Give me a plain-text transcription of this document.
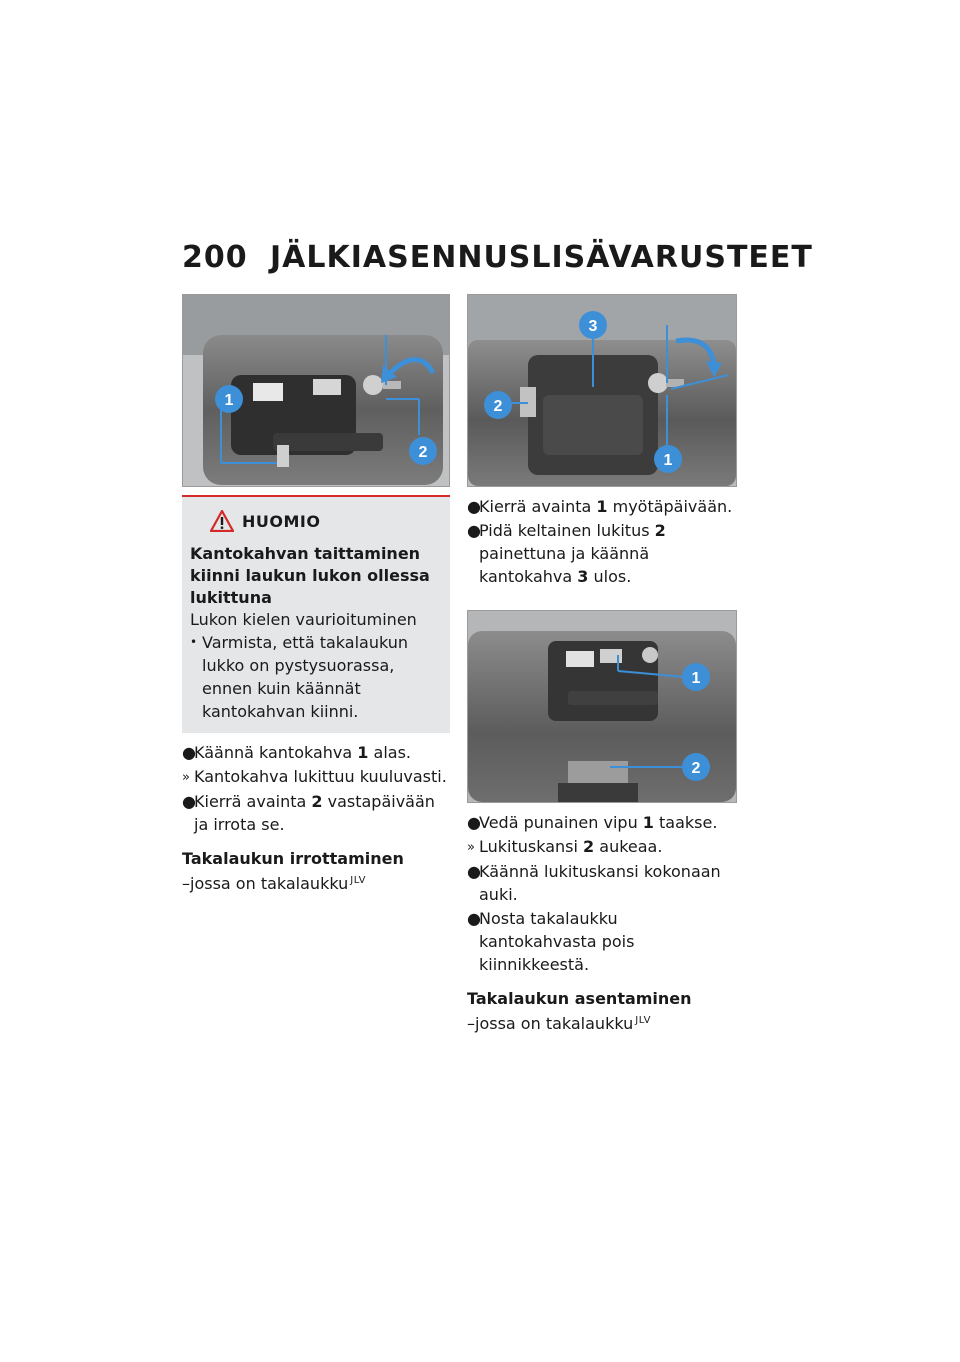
200 JÄLKIASENNUSLISÄVARUSTEET
1
2
HUOMIO
Kantokahvan taittaminen kiinni laukun lukon ollessa lukittuna
Lukon kielen vaurioituminen
• Varmista, että takalaukun lukko on pystysuorassa, ennen kuin käännät kantokahvan kiinni.
●
Käännä kantokahva 1 alas.
» Kantokahva lukittuu kuuluvasti.
●
Kierrä avainta 2 vastapäivään ja irrota se.
Takalaukun irrottaminen
–jossa on takalaukku $^{JLV}$
3
2
1
●
Kierrä avainta 1 myötäpäivään.
●
Pidä keltainen lukitus 2 painettuna ja käännä kantokahva 3 ulos.
1
2
●
Vedä punainen vipu 1 taakse.
» Lukituskansi 2 aukeaa.
●
Käännä lukituskansi kokonaan auki.
●
Nosta takalaukku kantokahvasta pois kiinnikkeestä.
Takalaukun asentaminen
–jossa on takalaukku $^{JLV}$
